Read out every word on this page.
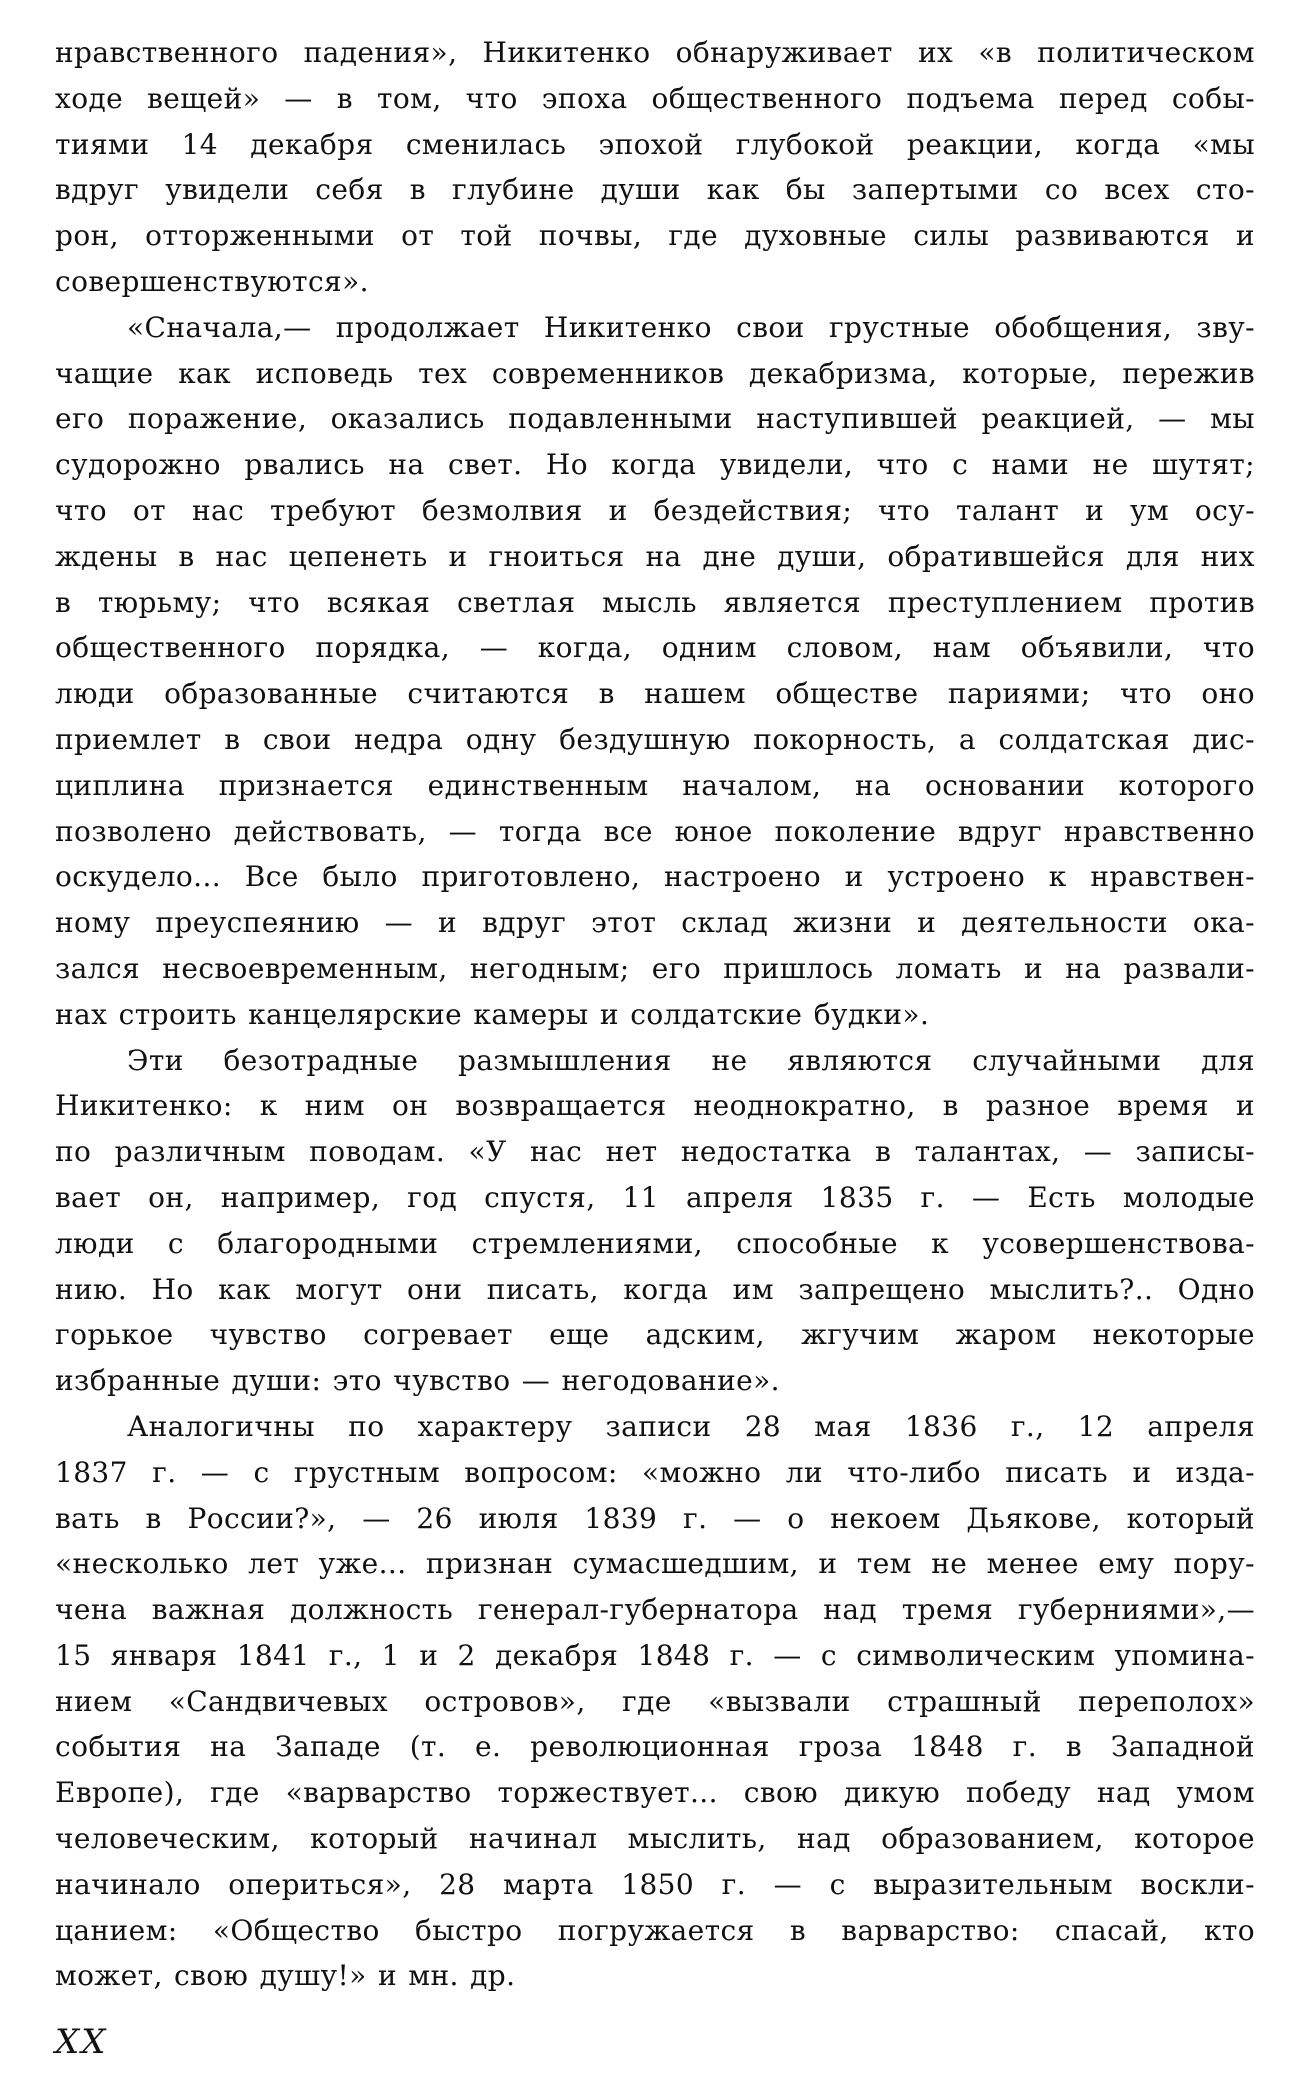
нравственного падения», Никитенко обнаруживает их «в политическом
ходе вещей» — в том, что эпоха общественного подъема перед собы-
тиями 14 декабря сменилась эпохой глубокой реакции, когда «мы
вдруг увидели себя в глубине души как бы запертыми со всех сто-
рон, отторженными от той почвы, где духовные силы развиваются и
совершенствуются».
«Сначала,— продолжает Никитенко свои грустные обобщения, зву-
чащие как исповедь тех современников декабризма, которые, пережив
его поражение, оказались подавленными наступившей реакцией, — мы
судорожно рвались на свет. Но когда увидели, что с нами не шутят;
что от нас требуют безмолвия и бездействия; что талант и ум осу-
ждены в нас цепенеть и гноиться на дне души, обратившейся для них
в тюрьму; что всякая светлая мысль является преступлением против
общественного порядка, — когда, одним словом, нам объявили, что
люди образованные считаются в нашем обществе париями; что оно
приемлет в свои недра одну бездушную покорность, а солдатская дис-
циплина признается единственным началом, на основании которого
позволено действовать, — тогда все юное поколение вдруг нравственно
оскудело... Все было приготовлено, настроено и устроено к нравствен-
ному преуспеянию — и вдруг этот склад жизни и деятельности ока-
зался несвоевременным, негодным; его пришлось ломать и на развали-
нах строить канцелярские камеры и солдатские будки».
Эти безотрадные размышления не являются случайными для
Никитенко: к ним он возвращается неоднократно, в разное время и
по различным поводам. «У нас нет недостатка в талантах, — записы-
вает он, например, год спустя, 11 апреля 1835 г. — Есть молодые
люди с благородными стремлениями, способные к усовершенствова-
нию. Но как могут они писать, когда им запрещено мыслить?.. Одно
горькое чувство согревает еще адским, жгучим жаром некоторые
избранные души: это чувство — негодование».
Аналогичны по характеру записи 28 мая 1836 г., 12 апреля
1837 г. — с грустным вопросом: «можно ли что-либо писать и изда-
вать в России?», — 26 июля 1839 г. — о некоем Дьякове, который
«несколько лет уже... признан сумасшедшим, и тем не менее ему пору-
чена важная должность генерал-губернатора над тремя губерниями»,—
15 января 1841 г., 1 и 2 декабря 1848 г. — с символическим упомина-
нием «Сандвичевых островов», где «вызвали страшный переполох»
события на Западе (т. е. революционная гроза 1848 г. в Западной
Европе), где «варварство торжествует... свою дикую победу над умом
человеческим, который начинал мыслить, над образованием, которое
начинало опериться», 28 марта 1850 г. — с выразительным воскли-
цанием: «Общество быстро погружается в варварство: спасай, кто
может, свою душу!» и мн. др.
XX
